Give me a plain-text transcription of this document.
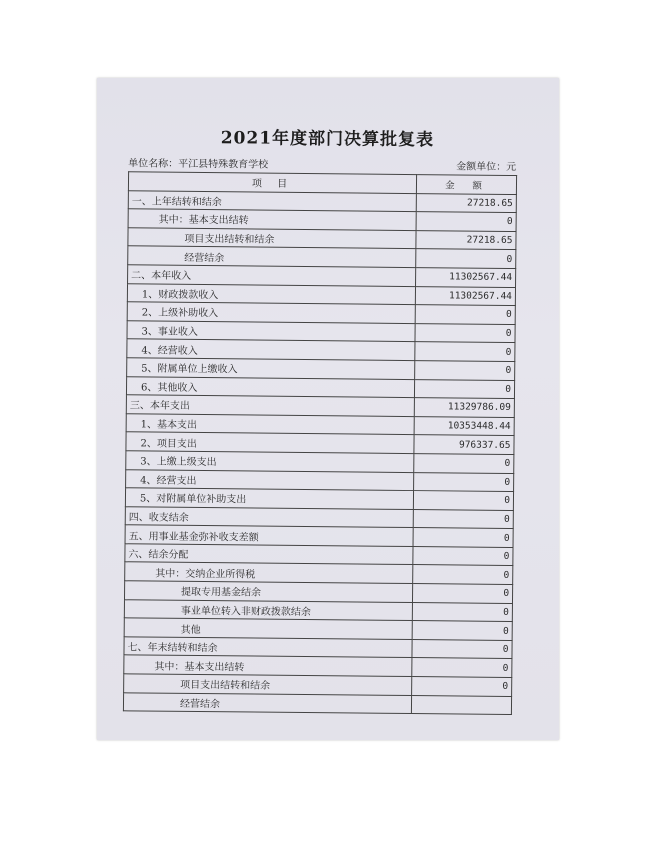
2021年度部门决算批复表
单位名称：平江县特殊教育学校	金额单位：元
项 目	金 额
一、上年结转和结余	27218.65
其中：基本支出结转	0
项目支出结转和结余	27218.65
经营结余	0
二、本年收入	11302567.44
1、财政拨款收入	11302567.44
2、上级补助收入	0
3、事业收入	0
4、经营收入	0
5、附属单位上缴收入	0
6、其他收入	0
三、本年支出	11329786.09
1、基本支出	10353448.44
2、项目支出	976337.65
3、上缴上级支出	0
4、经营支出	0
5、对附属单位补助支出	0
四、收支结余	0
五、用事业基金弥补收支差额	0
六、结余分配	0
其中：交纳企业所得税	0
提取专用基金结余	0
事业单位转入非财政拨款结余	0
其他	0
七、年末结转和结余	0
其中：基本支出结转	0
项目支出结转和结余	0
经营结余	
